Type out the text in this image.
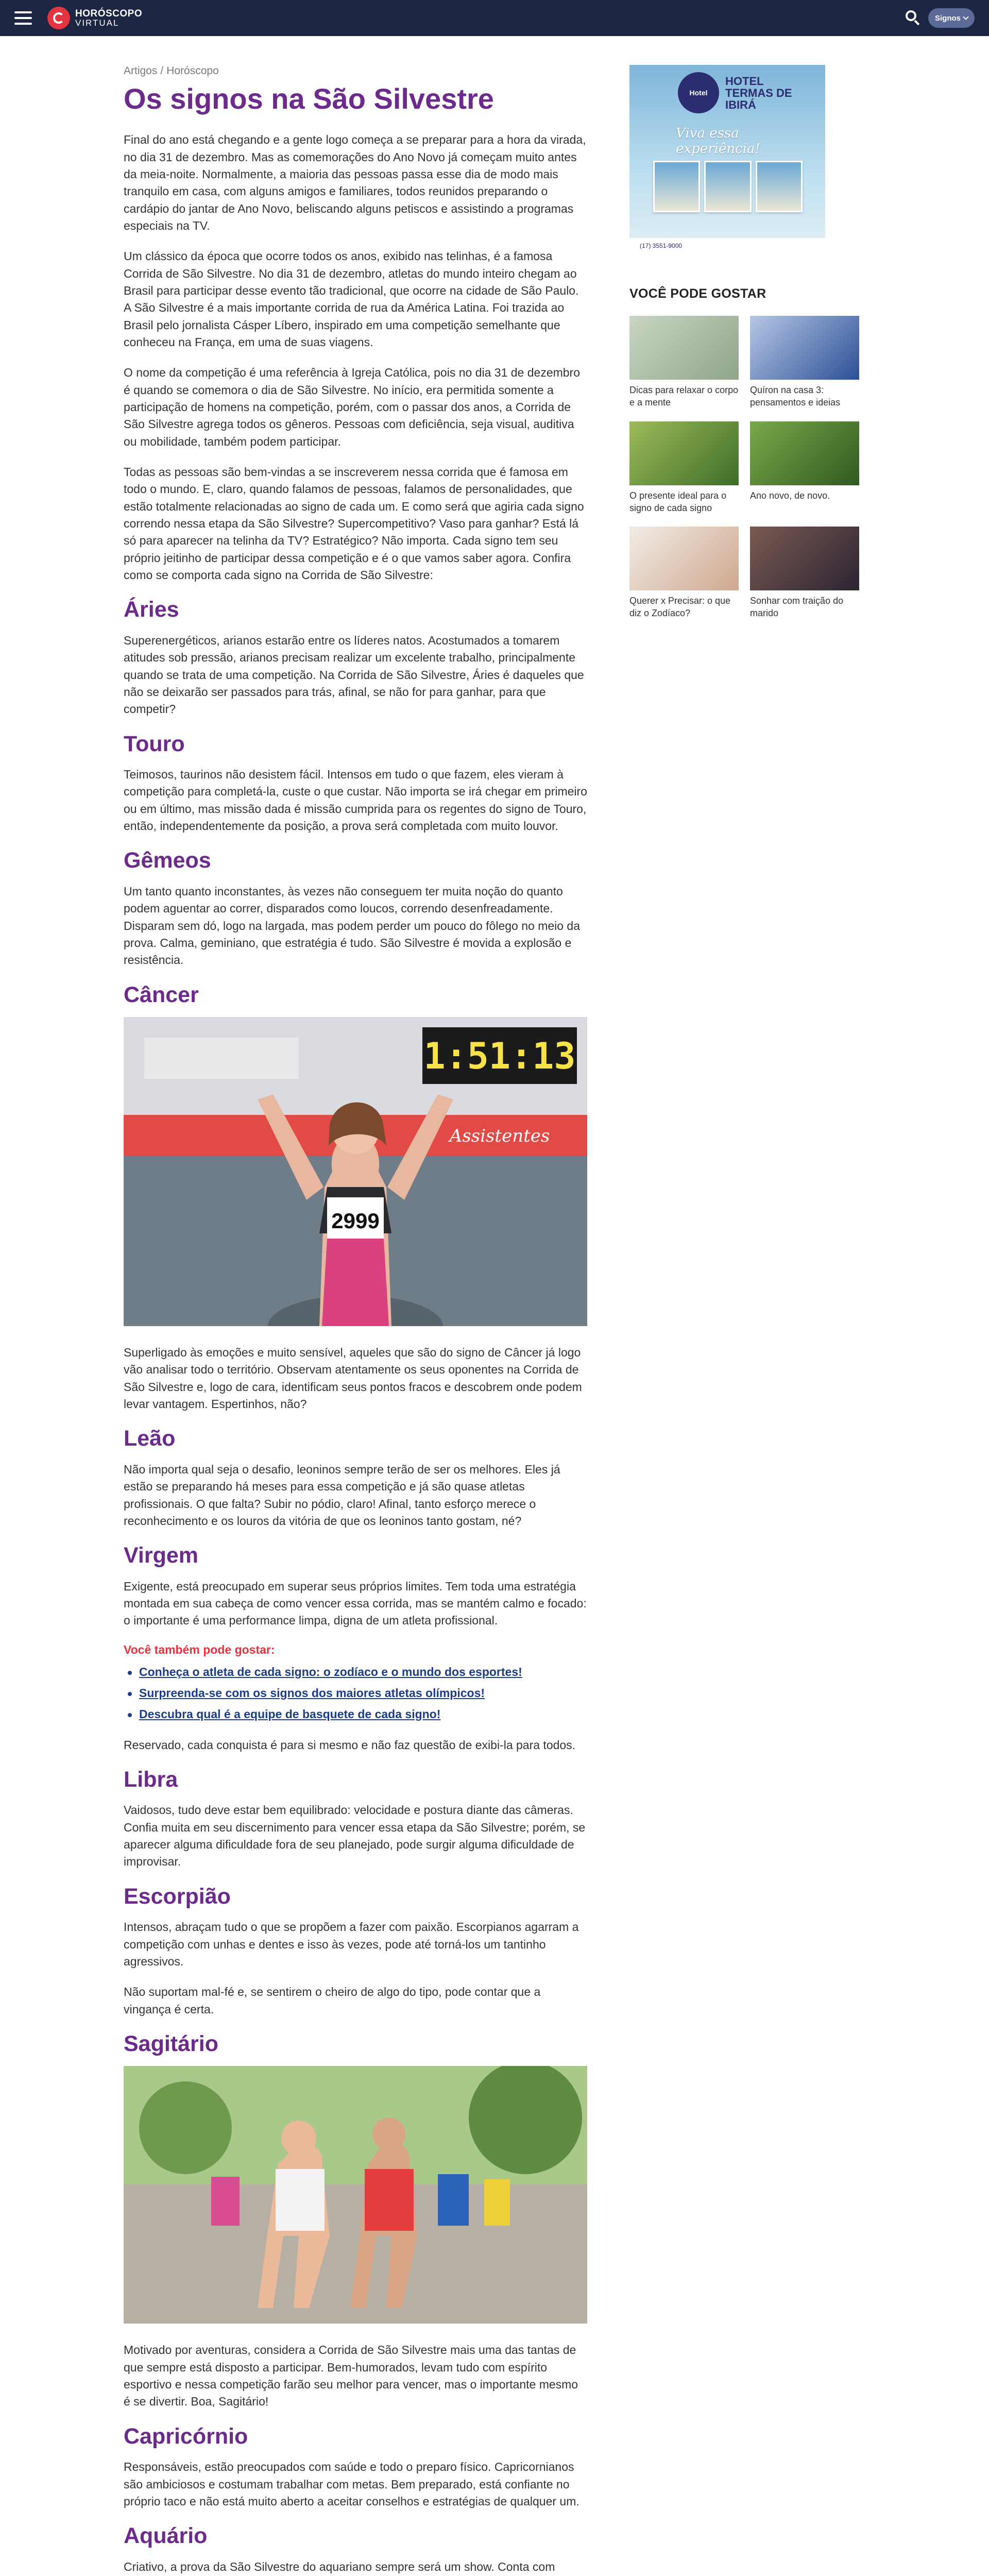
HORÓSCOPO
VIRTUAL	Signos
Artigos / Horóscopo
Os signos na São Silvestre

Final do ano está chegando e a gente logo começa a se preparar para a hora da virada, no dia 31 de dezembro. Mas as comemorações do Ano Novo já começam muito antes da meia-noite. Normalmente, a maioria das pessoas passa esse dia de modo mais tranquilo em casa, com alguns amigos e familiares, todos reunidos preparando o cardápio do jantar de Ano Novo, beliscando alguns petiscos e assistindo a programas especiais na TV.

Um clássico da época que ocorre todos os anos, exibido nas telinhas, é a famosa Corrida de São Silvestre. No dia 31 de dezembro, atletas do mundo inteiro chegam ao Brasil para participar desse evento tão tradicional, que ocorre na cidade de São Paulo. A São Silvestre é a mais importante corrida de rua da América Latina. Foi trazida ao Brasil pelo jornalista Cásper Líbero, inspirado em uma competição semelhante que conheceu na França, em uma de suas viagens.

O nome da competição é uma referência à Igreja Católica, pois no dia 31 de dezembro é quando se comemora o dia de São Silvestre. No início, era permitida somente a participação de homens na competição, porém, com o passar dos anos, a Corrida de São Silvestre agrega todos os gêneros. Pessoas com deficiência, seja visual, auditiva ou mobilidade, também podem participar.

Todas as pessoas são bem-vindas a se inscreverem nessa corrida que é famosa em todo o mundo. E, claro, quando falamos de pessoas, falamos de personalidades, que estão totalmente relacionadas ao signo de cada um. E como será que agiria cada signo correndo nessa etapa da São Silvestre? Supercompetitivo? Vaso para ganhar? Está lá só para aparecer na telinha da TV? Estratégico? Não importa. Cada signo tem seu próprio jeitinho de participar dessa competição e é o que vamos saber agora. Confira como se comporta cada signo na Corrida de São Silvestre:

Áries

Superenergéticos, arianos estarão entre os líderes natos. Acostumados a tomarem atitudes sob pressão, arianos precisam realizar um excelente trabalho, principalmente quando se trata de uma competição. Na Corrida de São Silvestre, Áries é daqueles que não se deixarão ser passados para trás, afinal, se não for para ganhar, para que competir?

Touro

Teimosos, taurinos não desistem fácil. Intensos em tudo o que fazem, eles vieram à competição para completá-la, custe o que custar. Não importa se irá chegar em primeiro ou em último, mas missão dada é missão cumprida para os regentes do signo de Touro, então, independentemente da posição, a prova será completada com muito louvor.

Gêmeos

Um tanto quanto inconstantes, às vezes não conseguem ter muita noção do quanto podem aguentar ao correr, disparados como loucos, correndo desenfreadamente. Disparam sem dó, logo na largada, mas podem perder um pouco do fôlego no meio da prova. Calma, geminiano, que estratégia é tudo. São Silvestre é movida a explosão e resistência.

Câncer
1:51:13
Assistentes
2999

Superligado às emoções e muito sensível, aqueles que são do signo de Câncer já logo vão analisar todo o território. Observam atentamente os seus oponentes na Corrida de São Silvestre e, logo de cara, identificam seus pontos fracos e descobrem onde podem levar vantagem. Espertinhos, não?

Leão

Não importa qual seja o desafio, leoninos sempre terão de ser os melhores. Eles já estão se preparando há meses para essa competição e já são quase atletas profissionais. O que falta? Subir no pódio, claro! Afinal, tanto esforço merece o reconhecimento e os louros da vitória de que os leoninos tanto gostam, né?

Virgem

Exigente, está preocupado em superar seus próprios limites. Tem toda uma estratégia montada em sua cabeça de como vencer essa corrida, mas se mantém calmo e focado: o importante é uma performance limpa, digna de um atleta profissional.

Você também pode gostar:
Conheça o atleta de cada signo: o zodíaco e o mundo dos esportes!
Surpreenda-se com os signos dos maiores atletas olímpicos!
Descubra qual é a equipe de basquete de cada signo!

Reservado, cada conquista é para si mesmo e não faz questão de exibi-la para todos.

Libra

Vaidosos, tudo deve estar bem equilibrado: velocidade e postura diante das câmeras. Confia muita em seu discernimento para vencer essa etapa da São Silvestre; porém, se aparecer alguma dificuldade fora de seu planejado, pode surgir alguma dificuldade de improvisar.

Escorpião

Intensos, abraçam tudo o que se propõem a fazer com paixão. Escorpianos agarram a competição com unhas e dentes e isso às vezes, pode até torná-los um tantinho agressivos.

Não suportam mal-fé e, se sentirem o cheiro de algo do tipo, pode contar que a vingança é certa.

Sagitário

Motivado por aventuras, considera a Corrida de São Silvestre mais uma das tantas de que sempre está disposto a participar. Bem-humorados, levam tudo com espírito esportivo e nessa competição farão seu melhor para vencer, mas o importante mesmo é se divertir. Boa, Sagitário!

Capricórnio

Responsáveis, estão preocupados com saúde e todo o preparo físico. Capricornianos são ambiciosos e costumam trabalhar com metas. Bem preparado, está confiante no próprio taco e não está muito aberto a aceitar conselhos e estratégias de qualquer um.

Aquário

Criativo, a prova da São Silvestre do aquariano sempre será um show. Conta com

Hotel
HOTEL
TERMAS DE
IBIRÁ
Viva essa experiência!
(17) 3551-9000
VOCÊ PODE GOSTAR
Dicas para relaxar o corpo e a mente
Quíron na casa 3: pensamentos e ideias
O presente ideal para o signo de cada signo
Ano novo, de novo.
Querer x Precisar: o que diz o Zodíaco?
Sonhar com traição do marido
